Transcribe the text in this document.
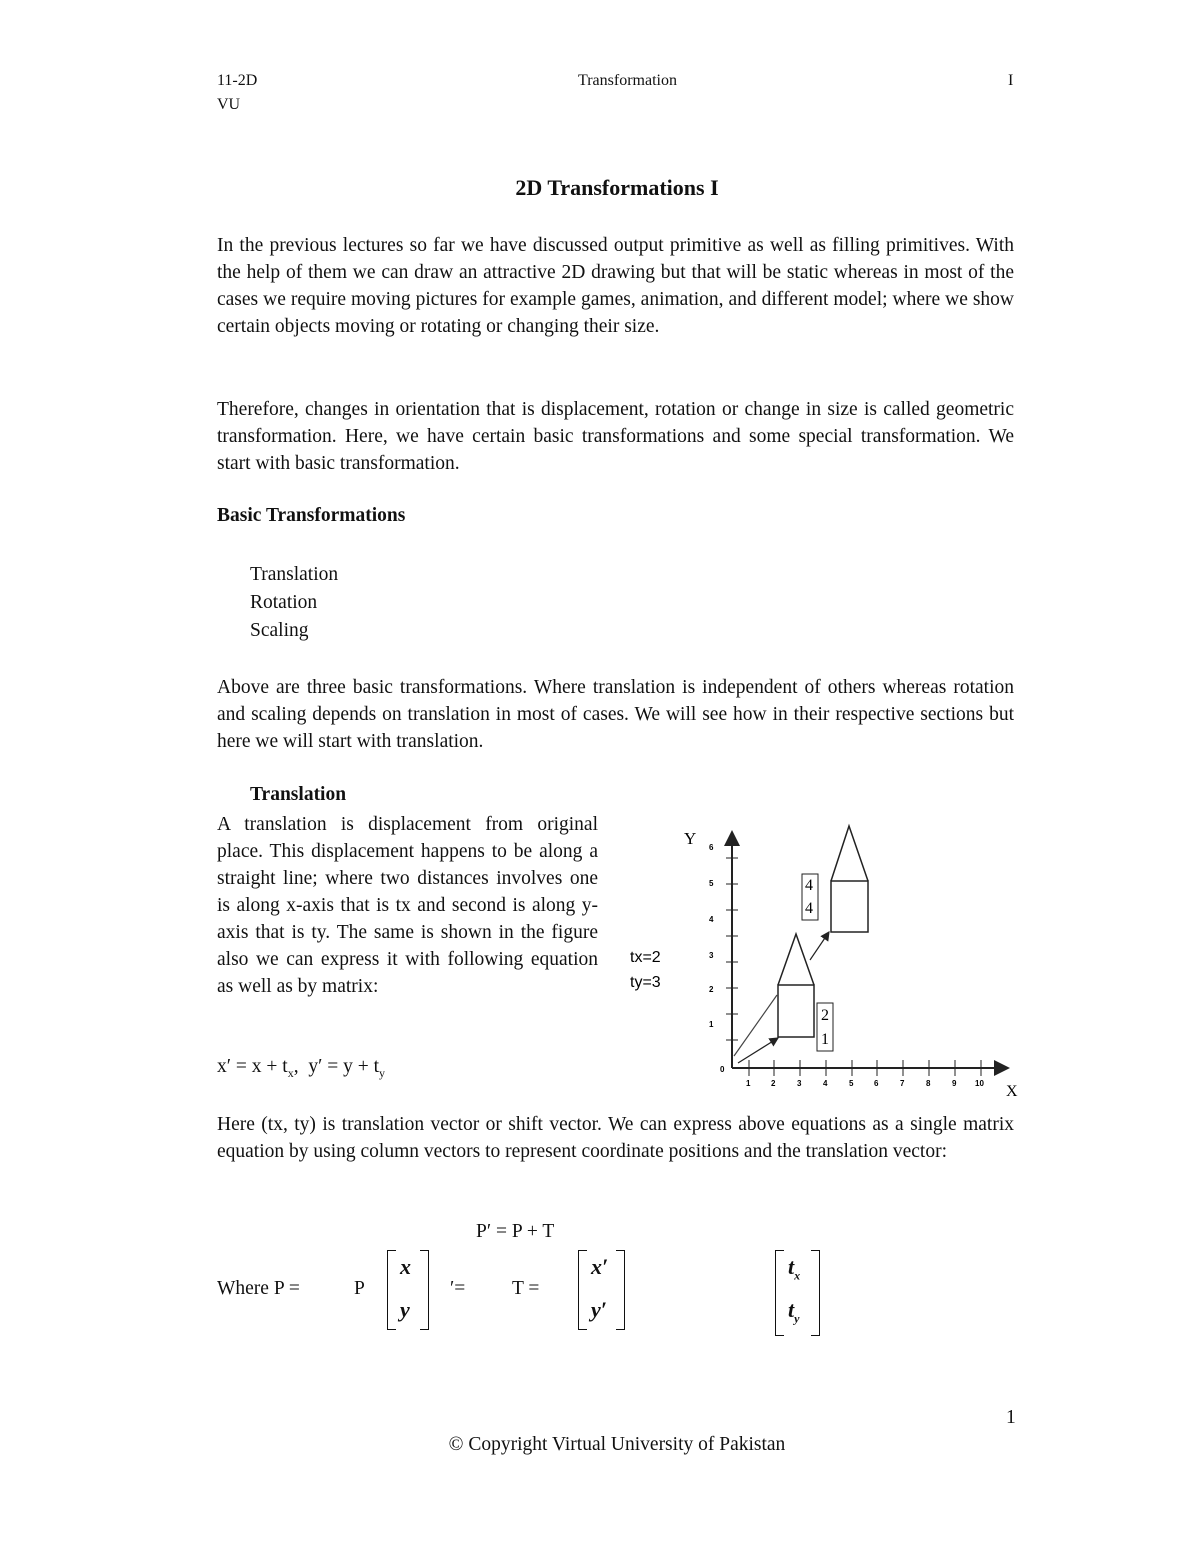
11-2D	Transformation	I
VU
2D Transformations I

In the previous lectures so far we have discussed output primitive as well as filling primitives. With the help of them we can draw an attractive 2D drawing but that will be static whereas in most of the cases we require moving pictures for example games, animation, and different model; where we show certain objects moving or rotating or changing their size.

Therefore, changes in orientation that is displacement, rotation or change in size is called geometric transformation. Here, we have certain basic transformations and some special transformation. We start with basic transformation.

Basic Transformations
Translation
Rotation
Scaling

Above are three basic transformations. Where translation is independent of others whereas rotation and scaling depends on translation in most of cases. We will see how in their respective sections but here we will start with translation.

Translation

A translation is displacement from original place. This displacement happens to be along a straight line; where two distances involves one is along x-axis that is tx and second is along y-axis that is ty. The same is shown in the figure also we can express it with following equation as well as by matrix:

$x' = x + t_x$, $y' = y + t_y$

Here (tx, ty) is translation vector or shift vector. We can express above equations as a single matrix equation by using column vectors to represent coordinate positions and the translation vector:

P′ = P + T
Where P =	P	′= T =
x
y
x′
y′
$t_x$
$t_y$
Y
X
0
1	2	3	4	5	6	7	8	9 10
1
2
3
4
5
6
4
4
2
1
tx=2
ty=3
1
© Copyright Virtual University of Pakistan
